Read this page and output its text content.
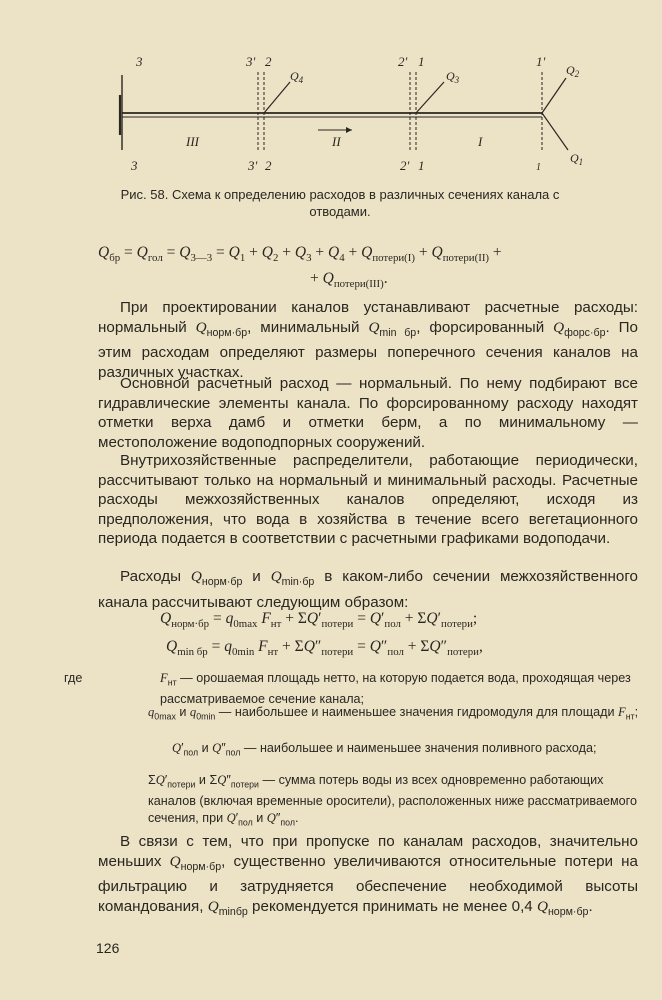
3	3' 2	2' 1	1'
3	3' 2	2' 1	1
III	II	I
$Q_4$	$Q_3$
$Q_2$
$Q_1$
Рис. 58. Схема к определению расходов в различных сечениях канала с отводами.
$Q_{бр} = Q_{гол} = Q_{3—3} = Q_1 + Q_2 + Q_3 + Q_4 + Q_{потери(I)} + Q_{потери(II)}$ +
+ $Q_{потери(III)}$.
При проектировании каналов устанавливают расчетные расходы: нормальный $Q_{норм\cdot бр}$, минимальный $Q_{min бр}$, форсированный $Q_{форс\cdot бр}$. По этим расходам определяют размеры поперечного сечения каналов на различных участках.
Основной расчетный расход — нормальный. По нему подбирают все гидравлические элементы канала. По форсированному расходу находят отметки верха дамб и отметки берм, а по минимальному — местоположение водоподпорных сооружений.
Внутрихозяйственные распределители, работающие периодически, рассчитывают только на нормальный и минимальный расходы. Расчетные расходы межхозяйственных каналов определяют, исходя из предположения, что вода в хозяйства в течение всего вегетационного периода подается в соответствии с расчетными графиками водоподачи.
Расходы $Q_{норм\cdot бр}$ и $Q_{min\cdot бр}$ в каком-либо сечении межхозяйственного канала рассчитывают следующим образом:
$Q_{норм\cdot бр} = q_{0max}$ $F_{нт} + \Sigma Q'_{потери} = Q'_{пол} + \Sigma Q'_{потери}$;
$Q_{min бр} = q_{0min}$ $F_{нт} + \Sigma Q''_{потери} = Q''_{пол} + \Sigma Q''_{потери}$,
где	$F_{нт}$ — орошаемая площадь нетто, на которую подается вода, проходящая через рассматриваемое сечение канала;
$q_{0max}$ и $q_{0min}$ — наибольшее и наименьшее значения гидромодуля для площади $F_{нт}$;
$Q'_{пол}$ и $Q''_{пол}$ — наибольшее и наименьшее значения поливного расхода;
$\Sigma Q'_{потери}$ и $\Sigma Q''_{потери}$ — сумма потерь воды из всех одновременно работающих каналов (включая временные оросители), расположенных ниже рассматриваемого сечения, при $Q'_{пол}$ и $Q''_{пол}$.
В связи с тем, что при пропуске по каналам расходов, значительно меньших $Q_{норм\cdot бр}$, существенно увеличиваются относительные потери на фильтрацию и затрудняется обеспечение необходимой высоты командования, $Q_{minбр}$ рекомендуется принимать не менее 0,4 $Q_{норм\cdot бр}$.
126
